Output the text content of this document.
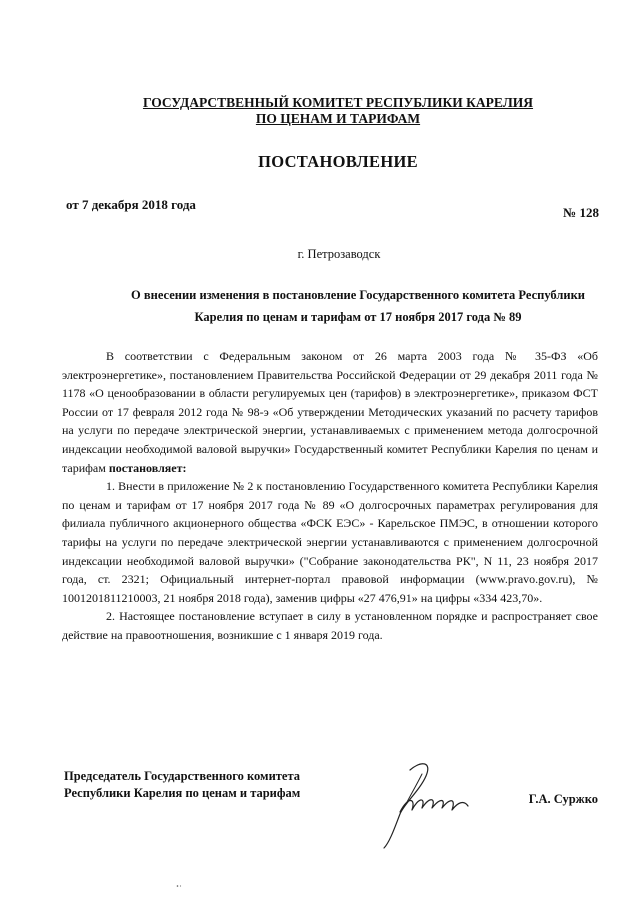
ГОСУДАРСТВЕННЫЙ КОМИТЕТ РЕСПУБЛИКИ КАРЕЛИЯ
ПО ЦЕНАМ И ТАРИФАМ
ПОСТАНОВЛЕНИЕ
от 7 декабря 2018 года
№ 128
г. Петрозаводск
О внесении изменения в постановление Государственного комитета Республики
Карелия по ценам и тарифам от 17 ноября 2017 года № 89

В соответствии с Федеральным законом от 26 марта 2003 года № 35-ФЗ «Об электроэнергетике», постановлением Правительства Российской Федерации от 29 декабря 2011 года № 1178 «О ценообразовании в области регулируемых цен (тарифов) в электроэнергетике», приказом ФСТ России от 17 февраля 2012 года № 98-э «Об утверждении Методических указаний по расчету тарифов на услуги по передаче электрической энергии, устанавливаемых с применением метода долгосрочной индексации необходимой валовой выручки» Государственный комитет Республики Карелия по ценам и тарифам постановляет:

1. Внести в приложение № 2 к постановлению Государственного комитета Республики Карелия по ценам и тарифам от 17 ноября 2017 года № 89 «О долгосрочных параметрах регулирования для филиала публичного акционерного общества «ФСК ЕЭС» - Карельское ПМЭС, в отношении которого тарифы на услуги по передаче электрической энергии устанавливаются с применением долгосрочной индексации необходимой валовой выручки» ("Собрание законодательства РК", N 11, 23 ноября 2017 года, ст. 2321; Официальный интернет-портал правовой информации (www.pravo.gov.ru), № 1001201811210003, 21 ноября 2018 года), заменив цифры «27 476,91» на цифры «334 423,70».

2. Настоящее постановление вступает в силу в установленном порядке и распространяет свое действие на правоотношения, возникшие с 1 января 2019 года.

Председатель Государственного комитета
Республики Карелия по ценам и тарифам	Г.А. Суржко
